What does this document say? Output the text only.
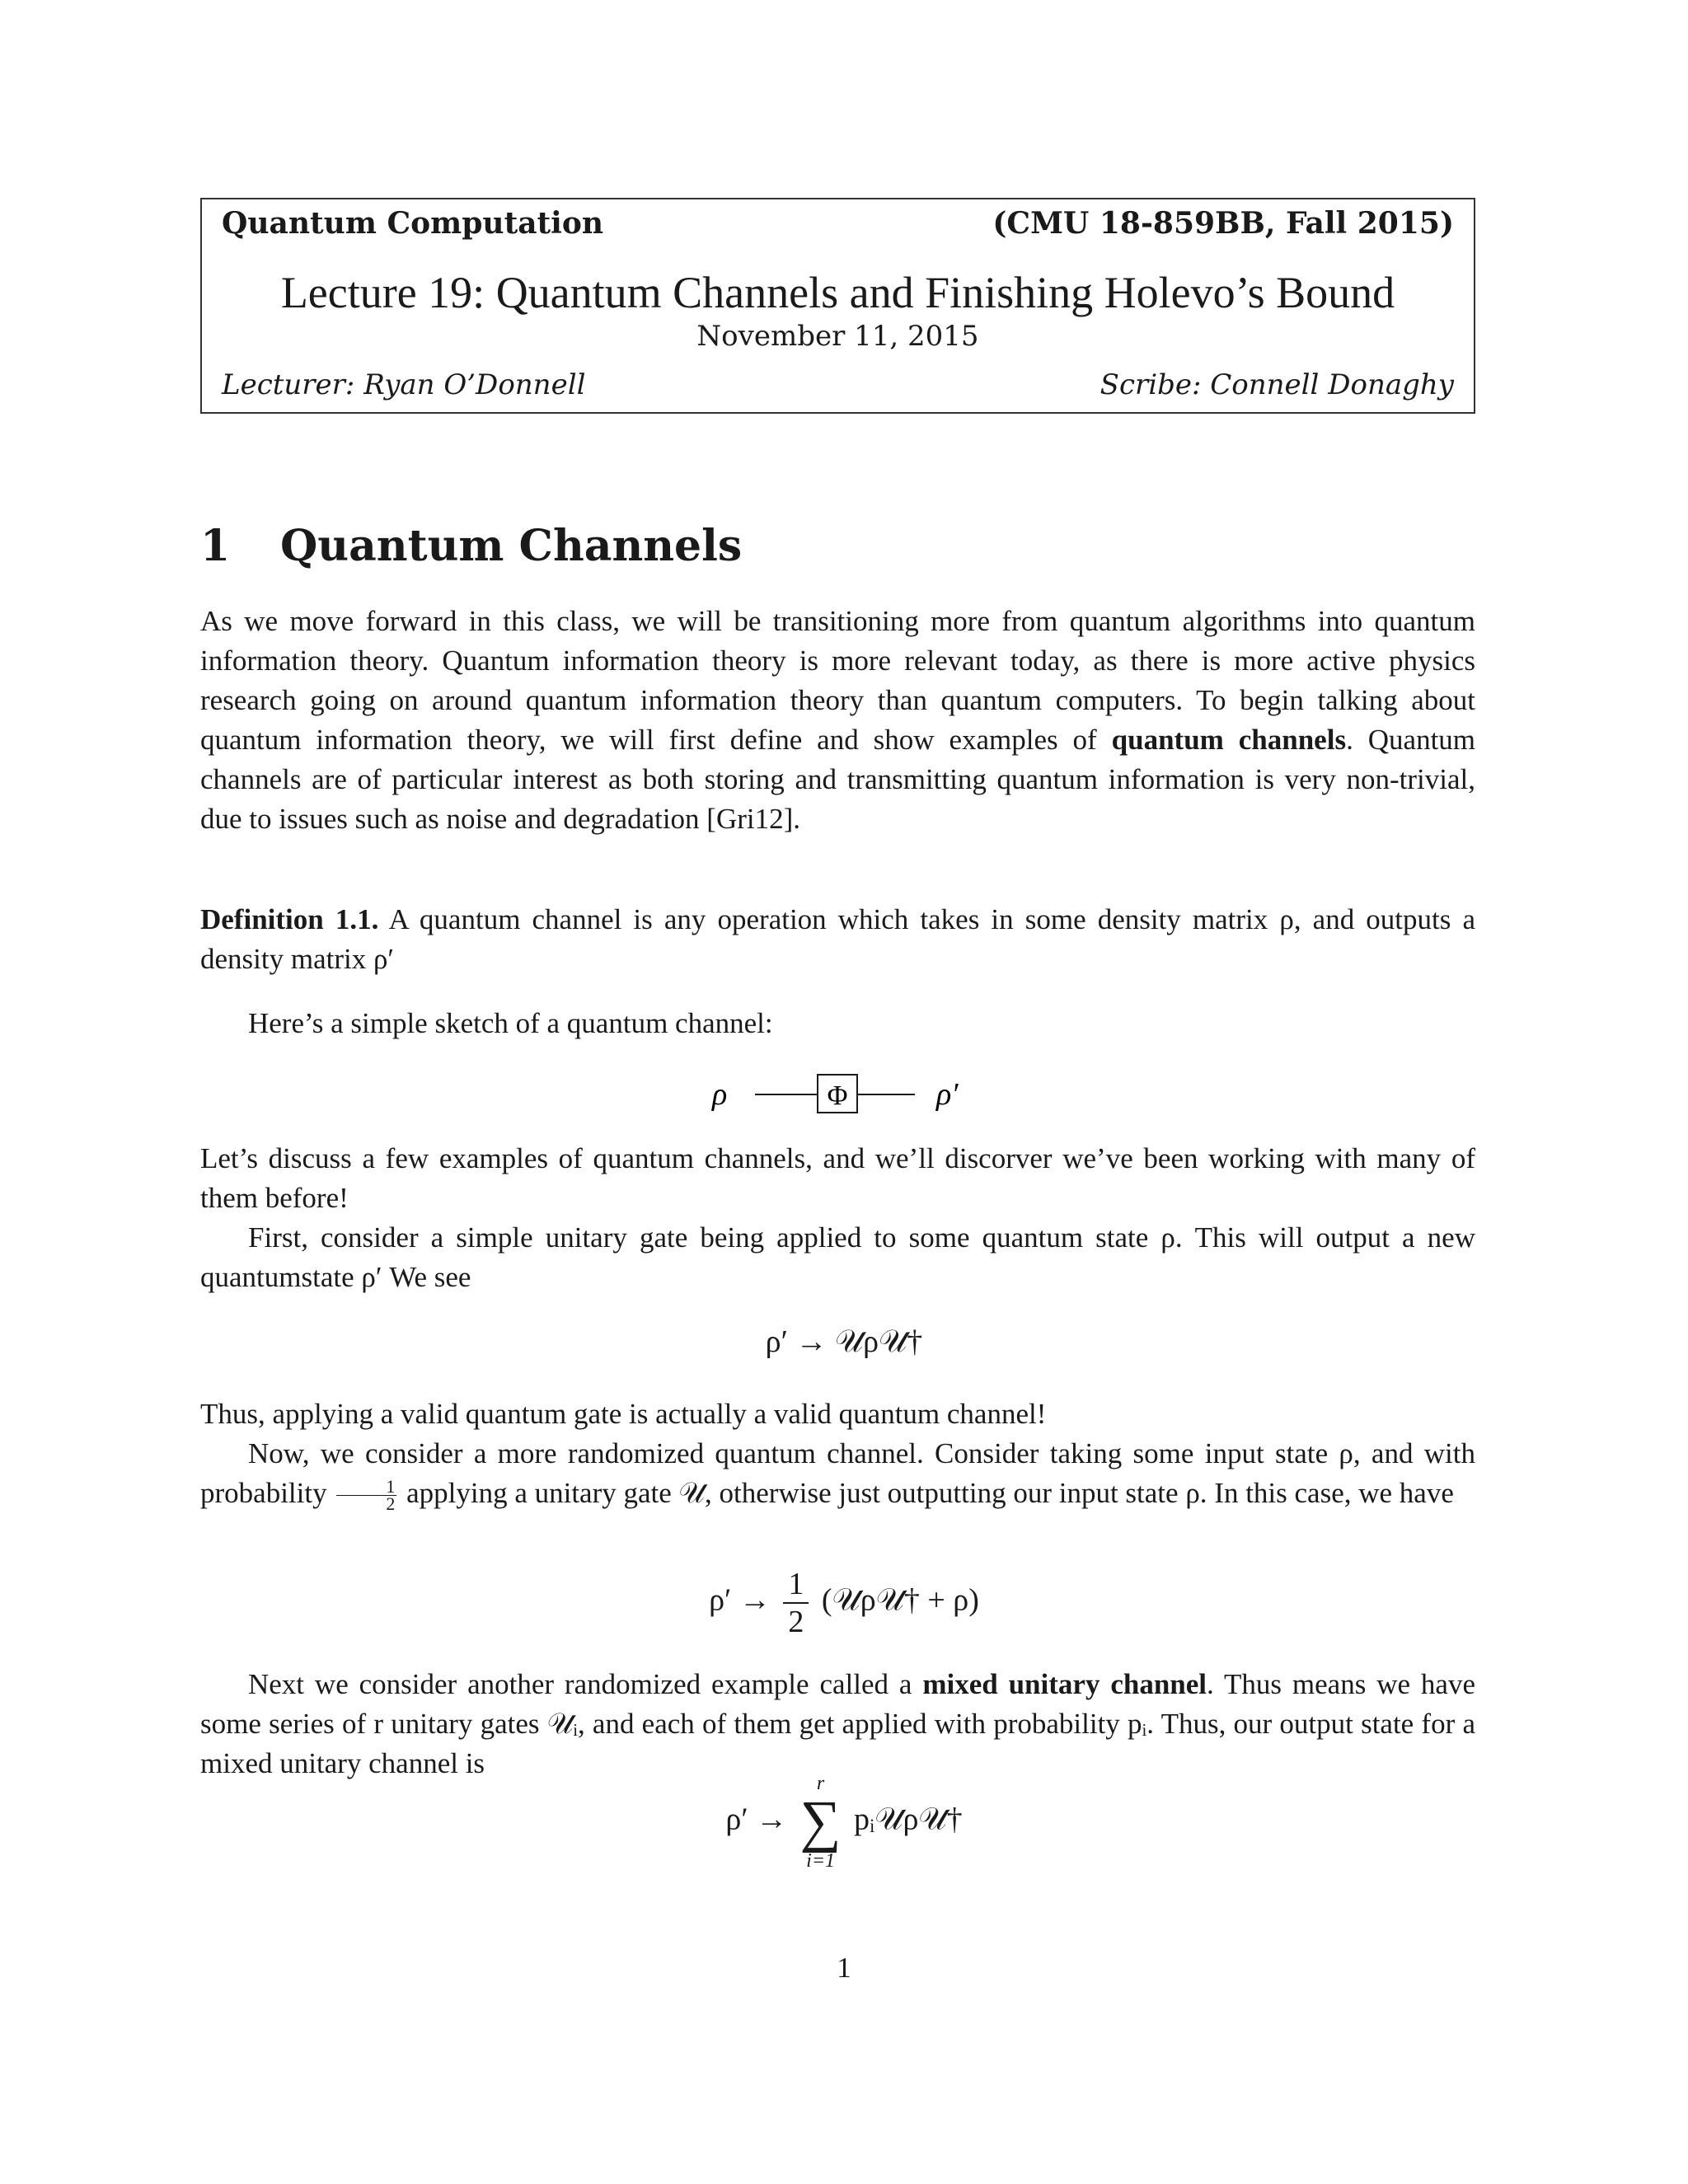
Quantum Computation	(CMU 18-859BB, Fall 2015)
Lecture 19: Quantum Channels and Finishing Holevo’s Bound
November 11, 2015
Lecturer: Ryan O’Donnell	Scribe: Connell Donaghy
1 Quantum Channels
As we move forward in this class, we will be transitioning more from quantum algorithms into quantum information theory. Quantum information theory is more relevant today, as there is more active physics research going on around quantum information theory than quantum computers. To begin talking about quantum information theory, we will first define and show examples of quantum channels. Quantum channels are of particular interest as both storing and transmitting quantum information is very non-trivial, due to issues such as noise and degradation [Gri12].
Definition 1.1. A quantum channel is any operation which takes in some density matrix ρ, and outputs a density matrix ρ′
Here’s a simple sketch of a quantum channel:
ρ	Φ	ρ′
Let’s discuss a few examples of quantum channels, and we’ll discorver we’ve been working with many of them before!
First, consider a simple unitary gate being applied to some quantum state ρ. This will output a new quantumstate ρ′ We see
ρ′ → 𝒰ρ𝒰†
Thus, applying a valid quantum gate is actually a valid quantum channel!
Now, we consider a more randomized quantum channel. Consider taking some input state ρ, and with probability $\frac{1}{2}$ applying a unitary gate 𝒰, otherwise just outputting our input state ρ. In this case, we have
$\rho' \to \frac{1}{2}$ (𝒰ρ𝒰† + ρ)
Next we consider another randomized example called a mixed unitary channel. Thus means we have some series of r unitary gates 𝒰ᵢ, and each of them get applied with probability pᵢ. Thus, our output state for a mixed unitary channel is
ρ′ →
r
∑
i=1
pᵢ𝒰ρ𝒰†
1
